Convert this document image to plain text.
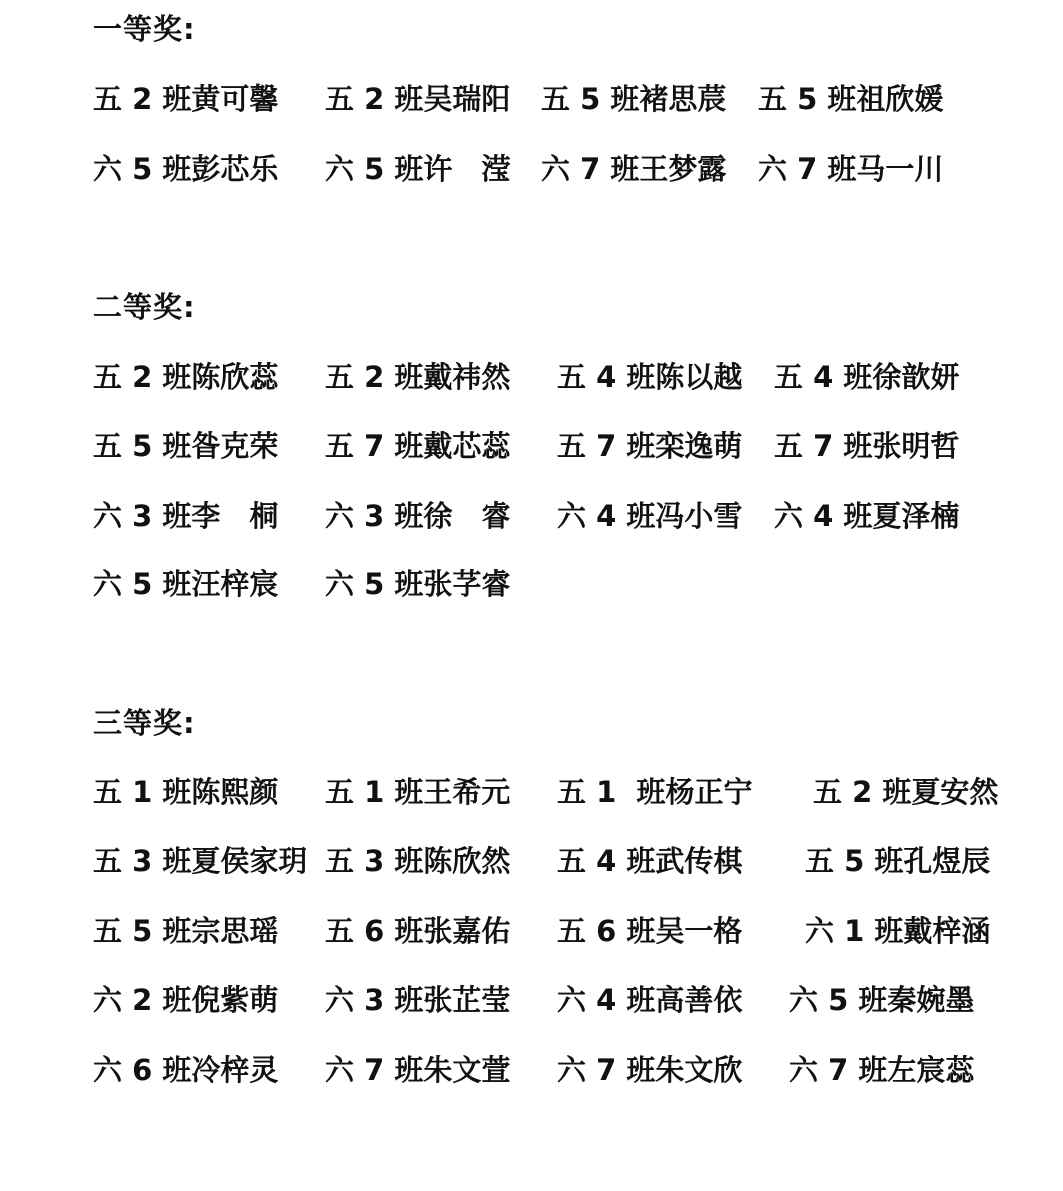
一等奖:
五 2 班黄可馨 五 2 班吴瑞阳 五 5 班褚思莀 五 5 班祖欣媛
六 5 班彭芯乐 六 5 班许　滢 六 7 班王梦露 六 7 班马一川
二等奖:
五 2 班陈欣蕊 五 2 班戴祎然 五 4 班陈以越 五 4 班徐歆妍
五 5 班昝克荣 五 7 班戴芯蕊 五 7 班栾逸萌 五 7 班张明哲
六 3 班李　桐 六 3 班徐　睿 六 4 班冯小雪 六 4 班夏泽楠
六 5 班汪梓宸 六 5 班张芓睿
三等奖:
五 1 班陈熙颜 五 1 班王希元 五 1  班杨正宁 五 2 班夏安然
五 3 班夏侯家玥 五 3 班陈欣然 五 4 班武传棋 五 5 班孔煜辰
五 5 班宗思瑶 五 6 班张嘉佑 五 6 班吴一格 六 1 班戴梓涵
六 2 班倪紫萌 六 3 班张芷莹 六 4 班高善依 六 5 班秦婉墨
六 6 班冷梓灵 六 7 班朱文萱 六 7 班朱文欣 六 7 班左宸蕊
